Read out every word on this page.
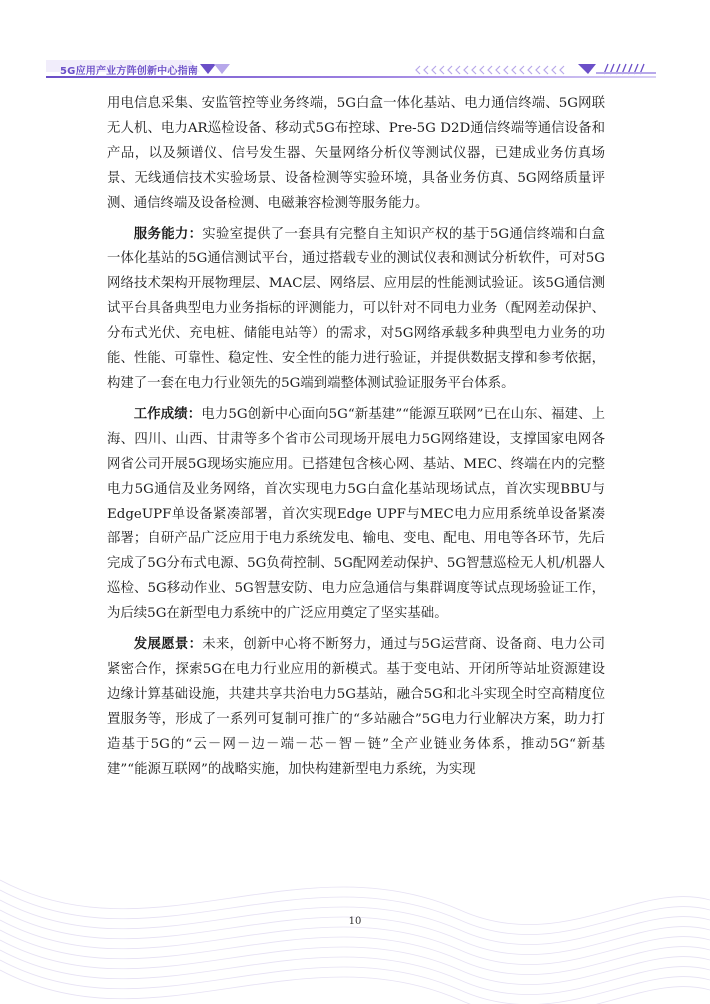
5G应用产业方阵创新中心指南

用电信息采集、安监管控等业务终端，5G白盒一体化基站、电力通信终端、5G网联无人机、电力AR巡检设备、移动式5G布控球、Pre-5G D2D通信终端等通信设备和产品，以及频谱仪、信号发生器、矢量网络分析仪等测试仪器，已建成业务仿真场景、无线通信技术实验场景、设备检测等实验环境，具备业务仿真、5G网络质量评测、通信终端及设备检测、电磁兼容检测等服务能力。

服务能力：实验室提供了一套具有完整自主知识产权的基于5G通信终端和白盒一体化基站的5G通信测试平台，通过搭载专业的测试仪表和测试分析软件，可对5G网络技术架构开展物理层、MAC层、网络层、应用层的性能测试验证。该5G通信测试平台具备典型电力业务指标的评测能力，可以针对不同电力业务（配网差动保护、分布式光伏、充电桩、储能电站等）的需求，对5G网络承载多种典型电力业务的功能、性能、可靠性、稳定性、安全性的能力进行验证，并提供数据支撑和参考依据，构建了一套在电力行业领先的5G端到端整体测试验证服务平台体系。

工作成绩：电力5G创新中心面向5G“新基建”“能源互联网”已在山东、福建、上海、四川、山西、甘肃等多个省市公司现场开展电力5G网络建设，支撑国家电网各网省公司开展5G现场实施应用。已搭建包含核心网、基站、MEC、终端在内的完整电力5G通信及业务网络，首次实现电力5G白盒化基站现场试点，首次实现BBU与EdgeUPF单设备紧凑部署，首次实现Edge UPF与MEC电力应用系统单设备紧凑部署；自研产品广泛应用于电力系统发电、输电、变电、配电、用电等各环节，先后完成了5G分布式电源、5G负荷控制、5G配网差动保护、5G智慧巡检无人机/机器人巡检、5G移动作业、5G智慧安防、电力应急通信与集群调度等试点现场验证工作，为后续5G在新型电力系统中的广泛应用奠定了坚实基础。

发展愿景：未来，创新中心将不断努力，通过与5G运营商、设备商、电力公司紧密合作，探索5G在电力行业应用的新模式。基于变电站、开闭所等站址资源建设边缘计算基础设施，共建共享共治电力5G基站，融合5G和北斗实现全时空高精度位置服务等，形成了一系列可复制可推广的“多站融合”5G电力行业解决方案，助力打造基于5G的“云－网－边－端－芯－智－链”全产业链业务体系，推动5G“新基建”“能源互联网”的战略实施，加快构建新型电力系统，为实现

10
